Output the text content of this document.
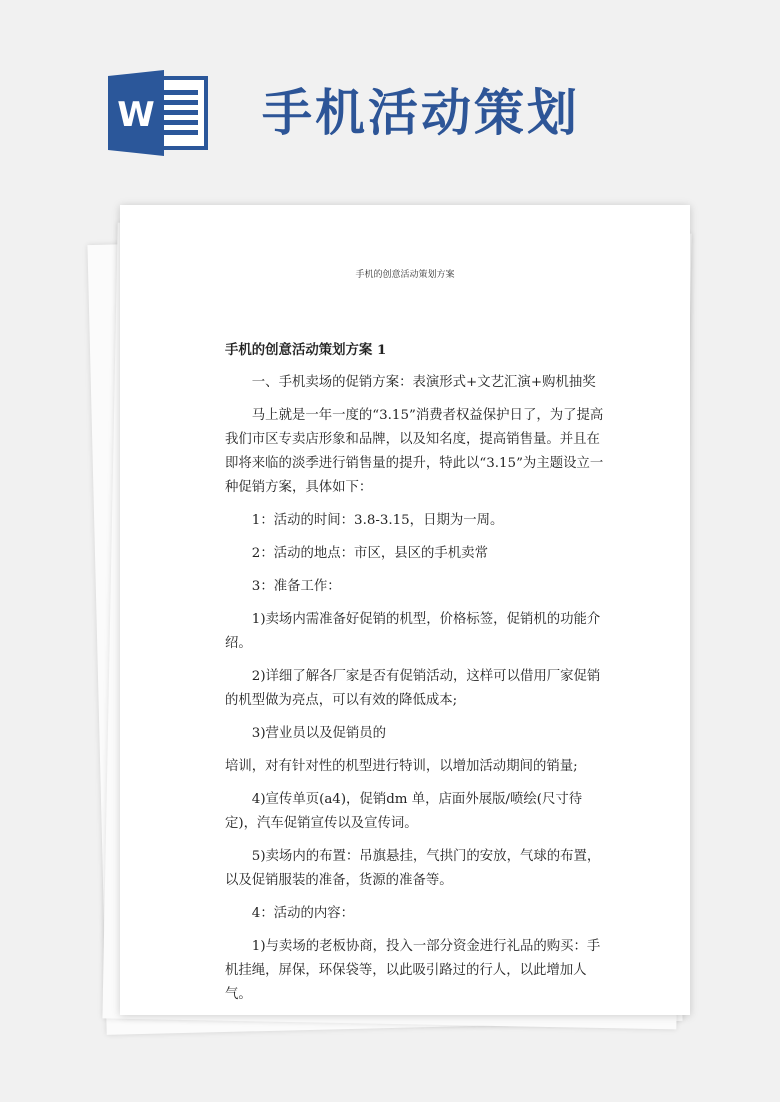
W 手机活动策划
手机的创意活动策划方案

手机的创意活动策划方案 1

一、手机卖场的促销方案：表演形式+文艺汇演+购机抽奖

马上就是一年一度的“3.15”消费者权益保护日了，为了提高我们市区专卖店形象和品牌，以及知名度，提高销售量。并且在即将来临的淡季进行销售量的提升，特此以“3.15”为主题设立一种促销方案，具体如下：

1：活动的时间：3.8-3.15，日期为一周。

2：活动的地点：市区，县区的手机卖常

3：准备工作：

1)卖场内需准备好促销的机型，价格标签，促销机的功能介绍。

2)详细了解各厂家是否有促销活动，这样可以借用厂家促销的机型做为亮点，可以有效的降低成本;

3)营业员以及促销员的

培训，对有针对性的机型进行特训，以增加活动期间的销量;

4)宣传单页(a4)，促销dm 单，店面外展版/喷绘(尺寸待定)，汽车促销宣传以及宣传词。

5)卖场内的布置：吊旗悬挂，气拱门的安放，气球的布置，以及促销服装的准备，货源的准备等。

4：活动的内容：

1)与卖场的老板协商，投入一部分资金进行礼品的购买：手机挂绳，屏保，环保袋等，以此吸引路过的行人，以此增加人气。
